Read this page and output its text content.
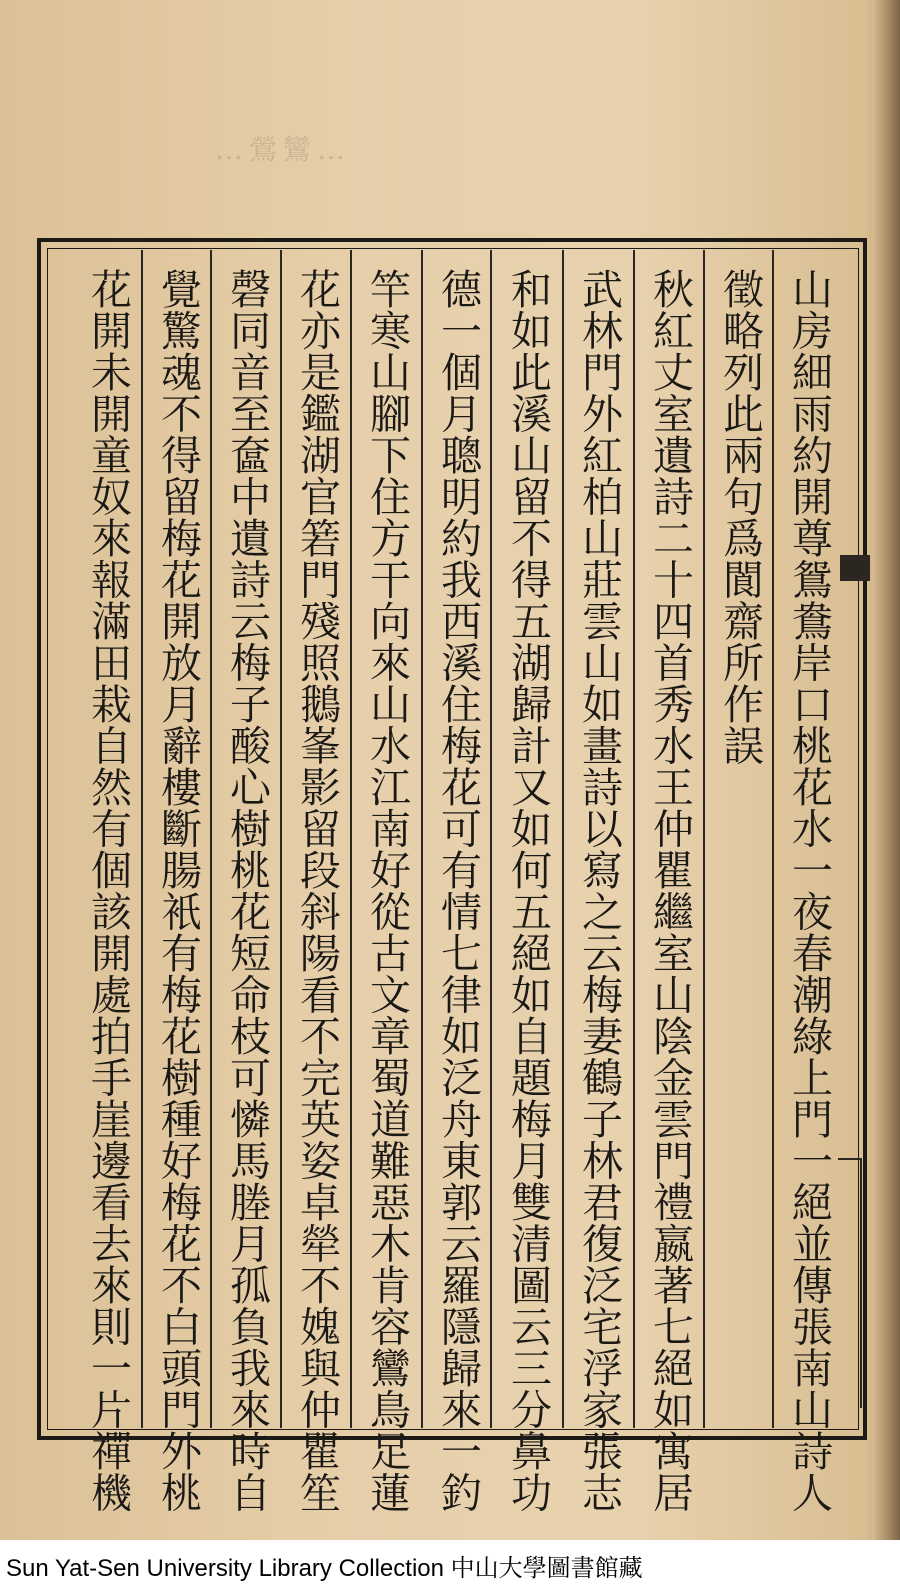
…鶯鸞…
山房細雨約開尊鴛鴦岸口桃花水一夜春潮綠上門一絕並傳張南山詩人
徵略列此兩句爲閬齋所作誤
秋紅丈室遺詩二十四首秀水王仲瞿繼室山陰金雲門禮嬴著七絕如寓居
武林門外紅柏山莊雲山如畫詩以寫之云梅妻鶴子林君復泛宅浮家張志
和如此溪山留不得五湖歸計又如何五絕如自題梅月雙清圖云三分鼻功
德一個月聰明約我西溪住梅花可有情七律如泛舟東郭云羅隱歸來一釣
竿寒山腳下住方干向來山水江南好從古文章蜀道難惡木肯容鸞鳥足蓮
花亦是鑑湖官箬門殘照鵝峯影留段斜陽看不完英姿卓犖不媿與仲瞿笙
磬同音至奩中遺詩云梅子酸心樹桃花短命枝可憐馬塍月孤負我來時自
覺驚魂不得留梅花開放月辭樓斷腸衹有梅花樹種好梅花不白頭門外桃
花開未開童奴來報滿田栽自然有個該開處拍手崖邊看去來則一片禪機
Sun Yat-Sen University Library Collection 中山大學圖書館藏
